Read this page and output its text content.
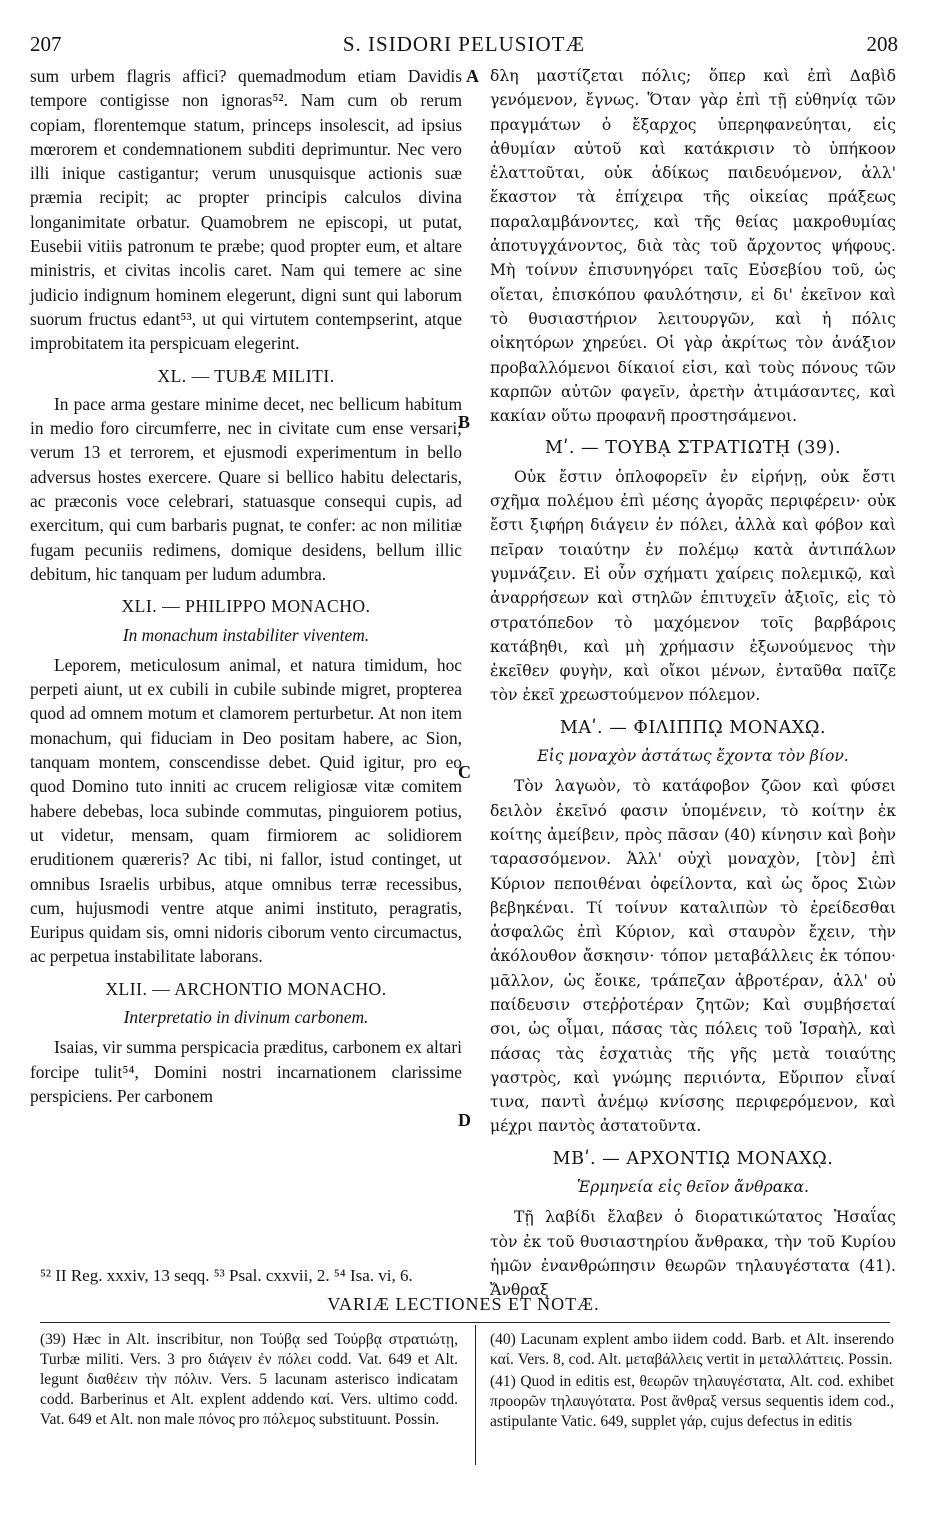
207	S. ISIDORI PELUSIOTÆ	208
A
B
C
D

sum urbem flagris affici? quemadmodum etiam Davidis tempore contigisse non ignoras⁵². Nam cum ob rerum copiam, florentemque statum, princeps insolescit, ad ipsius mœrorem et condemnationem subditi deprimuntur. Nec vero illi inique castigantur; verum unusquisque actionis suæ præmia recipit; ac propter principis calculos divina longanimitate orbatur. Quamobrem ne episcopi, ut putat, Eusebii vitiis patronum te præbe; quod propter eum, et altare ministris, et civitas incolis caret. Nam qui temere ac sine judicio indignum hominem elegerunt, digni sunt qui laborum suorum fructus edant⁵³, ut qui virtutem contempserint, atque improbitatem ita perspicuam elegerint.

XL. — TUBÆ MILITI.

In pace arma gestare minime decet, nec bellicum habitum in medio foro circumferre, nec in civitate cum ense versari; verum 13 et terrorem, et ejusmodi experimentum in bello adversus hostes exercere. Quare si bellico habitu delectaris, ac præconis voce celebrari, statuasque consequi cupis, ad exercitum, qui cum barbaris pugnat, te confer: ac non militiæ fugam pecuniis redimens, domique desidens, bellum illic debitum, hic tanquam per ludum adumbra.

XLI. — PHILIPPO MONACHO.
In monachum instabiliter viventem.

Leporem, meticulosum animal, et natura timidum, hoc perpeti aiunt, ut ex cubili in cubile subinde migret, propterea quod ad omnem motum et clamorem perturbetur. At non item monachum, qui fiduciam in Deo positam habere, ac Sion, tanquam montem, conscendisse debet. Quid igitur, pro eo quod Domino tuto inniti ac crucem religiosæ vitæ comitem habere debebas, loca subinde commutas, pinguiorem potius, ut videtur, mensam, quam firmiorem ac solidiorem eruditionem quæreris? Ac tibi, ni fallor, istud continget, ut omnibus Israelis urbibus, atque omnibus terræ recessibus, cum, hujusmodi ventre atque animi instituto, peragratis, Euripus quidam sis, omni nidoris ciborum vento circumactus, ac perpetua instabilitate laborans.

XLII. — ARCHONTIO MONACHO.
Interpretatio in divinum carbonem.

Isaias, vir summa perspicacia præditus, carbonem ex altari forcipe tulit⁵⁴, Domini nostri incarnationem clarissime perspiciens. Per carbonem

δλη μαστίζεται πόλις; ὅπερ καὶ ἐπὶ Δαβὶδ γενόμενον, ἔγνως. Ὅταν γὰρ ἐπὶ τῇ εὐθηνίᾳ τῶν πραγμάτων ὁ ἔξαρχος ὑπερηφανεύηται, εἰς ἀθυμίαν αὐτοῦ καὶ κατάκρισιν τὸ ὑπήκοον ἐλαττοῦται, οὐκ ἀδίκως παιδευόμενον, ἀλλ' ἕκαστον τὰ ἐπίχειρα τῆς οἰκείας πράξεως παραλαμβάνοντες, καὶ τῆς θείας μακροθυμίας ἀποτυγχάνοντος, διὰ τὰς τοῦ ἄρχοντος ψήφους. Μὴ τοίνυν ἐπισυνηγόρει ταῖς Εὐσεβίου τοῦ, ὡς οἴεται, ἐπισκόπου φαυλότησιν, εἰ δι' ἐκεῖνον καὶ τὸ θυσιαστήριον λειτουργῶν, καὶ ἡ πόλις οἰκητόρων χηρεύει. Οἱ γὰρ ἀκρίτως τὸν ἀνάξιον προβαλλόμενοι δίκαιοί εἰσι, καὶ τοὺς πόνους τῶν καρπῶν αὐτῶν φαγεῖν, ἀρετὴν ἀτιμάσαντες, καὶ κακίαν οὕτω προφανῆ προστησάμενοι.

Μʹ. — ΤΟΥΒᾼ ΣΤΡΑΤΙΩΤῌ (39).

Οὐκ ἔστιν ὁπλοφορεῖν ἐν εἰρήνῃ, οὐκ ἔστι σχῆμα πολέμου ἐπὶ μέσης ἀγορᾶς περιφέρειν· οὐκ ἔστι ξιφήρη διάγειν ἐν πόλει, ἀλλὰ καὶ φόβον καὶ πεῖραν τοιαύτην ἐν πολέμῳ κατὰ ἀντιπάλων γυμνάζειν. Εἰ οὖν σχήματι χαίρεις πολεμικῷ, καὶ ἀναρρήσεων καὶ στηλῶν ἐπιτυχεῖν ἀξιοῖς, εἰς τὸ στρατόπεδον τὸ μαχόμενον τοῖς βαρβάροις κατάβηθι, καὶ μὴ χρήμασιν ἐξωνούμενος τὴν ἐκεῖθεν φυγὴν, καὶ οἴκοι μένων, ἐνταῦθα παῖζε τὸν ἐκεῖ χρεωστούμενον πόλεμον.

ΜΑʹ. — ΦΙΛΙΠΠῼ ΜΟΝΑΧῼ.
Εἰς μοναχὸν ἀστάτως ἔχοντα τὸν βίον.

Τὸν λαγωὸν, τὸ κατάφοβον ζῶον καὶ φύσει δειλὸν ἐκεῖνό φασιν ὑπομένειν, τὸ κοίτην ἐκ κοίτης ἀμείβειν, πρὸς πᾶσαν (40) κίνησιν καὶ βοὴν ταρασσόμενον. Ἀλλ' οὐχὶ μοναχὸν, [τὸν] ἐπὶ Κύριον πεποιθέναι ὀφείλοντα, καὶ ὡς ὄρος Σιὼν βεβηκέναι. Τί τοίνυν καταλιπὼν τὸ ἐρείδεσθαι ἀσφαλῶς ἐπὶ Κύριον, καὶ σταυρὸν ἔχειν, τὴν ἀκόλουθον ἄσκησιν· τόπον μεταβάλλεις ἐκ τόπου· μᾶλλον, ὡς ἔοικε, τράπεζαν ἁβροτέραν, ἀλλ' οὐ παίδευσιν στεῤῥοτέραν ζητῶν; Καὶ συμβήσεταί σοι, ὡς οἶμαι, πάσας τὰς πόλεις τοῦ Ἰσραὴλ, καὶ πάσας τὰς ἐσχατιὰς τῆς γῆς μετὰ τοιαύτης γαστρὸς, καὶ γνώμης περιιόντα, Εὔριπον εἶναί τινα, παντὶ ἀνέμῳ κνίσσης περιφερόμενον, καὶ μέχρι παντὸς ἀστατοῦντα.

ΜΒʹ. — ΑΡΧΟΝΤΙῼ ΜΟΝΑΧῼ.
Ἑρμηνεία εἰς θεῖον ἄνθρακα.

Τῇ λαβίδι ἔλαβεν ὁ διορατικώτατος Ἡσαΐας τὸν ἐκ τοῦ θυσιαστηρίου ἄνθρακα, τὴν τοῦ Κυρίου ἡμῶν ἐνανθρώπησιν θεωρῶν τηλαυγέστατα (41). Ἄνθραξ

⁵² II Reg. xxxiv, 13 seqq. ⁵³ Psal. cxxvii, 2. ⁵⁴ Isa. vi, 6.
VARIÆ LECTIONES ET NOTÆ.

(39) Hæc in Alt. inscribitur, non Τούβᾳ sed Τούρβᾳ στρατιώτῃ, Turbæ militi. Vers. 3 pro διάγειν ἐν πόλει codd. Vat. 649 et Alt. legunt διαθέειν τὴν πόλιν. Vers. 5 lacunam asterisco indicatam codd. Barberinus et Alt. explent addendo καί. Vers. ultimo codd. Vat. 649 et Alt. non male πόνος pro πόλεμος substituunt. Possin.

(40) Lacunam explent ambo iidem codd. Barb. et Alt. inserendo καί. Vers. 8, cod. Alt. μεταβάλλεις vertit in μεταλλάττεις. Possin.

(41) Quod in editis est, θεωρῶν τηλαυγέστατα, Alt. cod. exhibet προορῶν τηλαυγότατα. Post ἄνθραξ versus sequentis idem cod., astipulante Vatic. 649, supplet γάρ, cujus defectus in editis
